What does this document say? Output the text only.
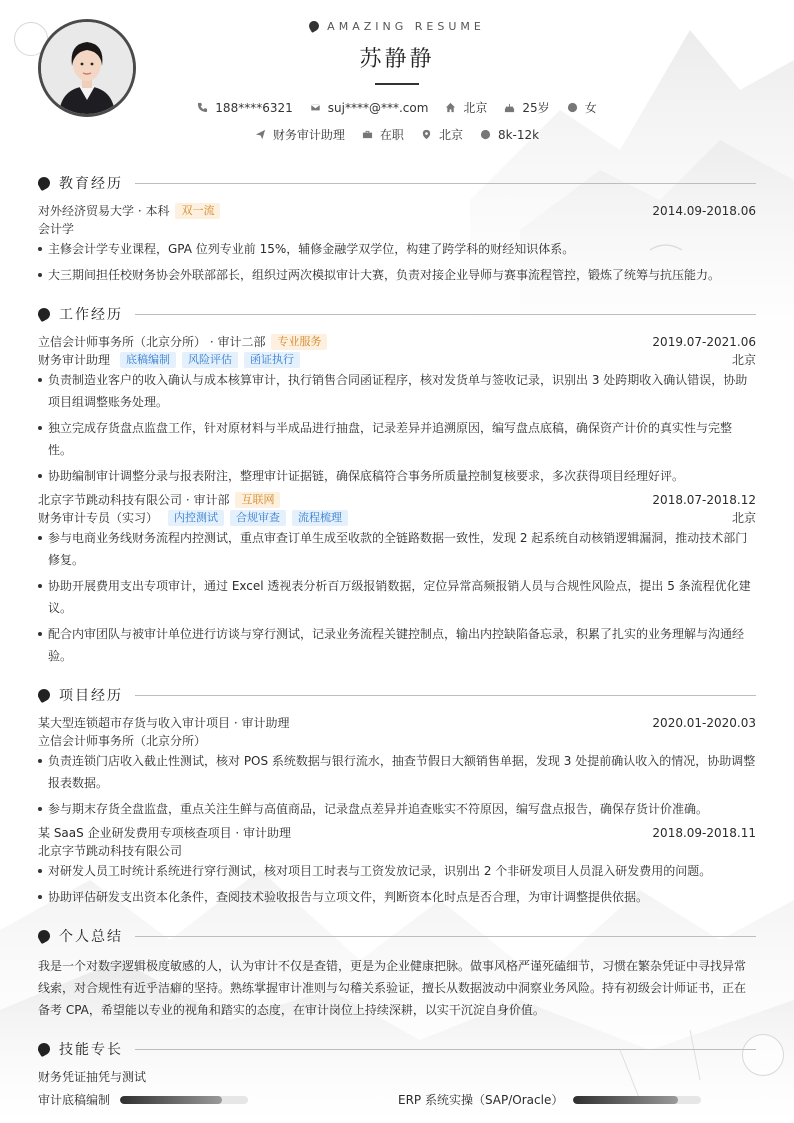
AMAZING RESUME
苏静静
188****6321	suj****@***.com	北京	25岁	女
财务审计助理	在职	北京	8k-12k
教育经历
对外经济贸易大学 · 本科	双一流	2014.09-2018.06
会计学
主修会计学专业课程，GPA 位列专业前 15%，辅修金融学双学位，构建了跨学科的财经知识体系。
大三期间担任校财务协会外联部部长，组织过两次模拟审计大赛，负责对接企业导师与赛事流程管控，锻炼了统筹与抗压能力。
工作经历
立信会计师事务所（北京分所） · 审计二部	专业服务	2019.07-2021.06
财务审计助理	底稿编制	风险评估	函证执行	北京
负责制造业客户的收入确认与成本核算审计，执行销售合同函证程序，核对发货单与签收记录，识别出 3 处跨期收入确认错误，协助
项目组调整账务处理。
独立完成存货盘点监盘工作，针对原材料与半成品进行抽盘，记录差异并追溯原因，编写盘点底稿，确保资产计价的真实性与完整
性。
协助编制审计调整分录与报表附注，整理审计证据链，确保底稿符合事务所质量控制复核要求，多次获得项目经理好评。
北京字节跳动科技有限公司 · 审计部	互联网	2018.07-2018.12
财务审计专员（实习）	内控测试	合规审查	流程梳理	北京
参与电商业务线财务流程内控测试，重点审查订单生成至收款的全链路数据一致性，发现 2 起系统自动核销逻辑漏洞，推动技术部门
修复。
协助开展费用支出专项审计，通过 Excel 透视表分析百万级报销数据，定位异常高频报销人员与合规性风险点，提出 5 条流程优化建
议。
配合内审团队与被审计单位进行访谈与穿行测试，记录业务流程关键控制点，输出内控缺陷备忘录，积累了扎实的业务理解与沟通经
验。
项目经历
某大型连锁超市存货与收入审计项目 · 审计助理	2020.01-2020.03
立信会计师事务所（北京分所）
负责连锁门店收入截止性测试，核对 POS 系统数据与银行流水，抽查节假日大额销售单据，发现 3 处提前确认收入的情况，协助调整
报表数据。
参与期末存货全盘监盘，重点关注生鲜与高值商品，记录盘点差异并追查账实不符原因，编写盘点报告，确保存货计价准确。
某 SaaS 企业研发费用专项核查项目 · 审计助理	2018.09-2018.11
北京字节跳动科技有限公司
对研发人员工时统计系统进行穿行测试，核对项目工时表与工资发放记录，识别出 2 个非研发项目人员混入研发费用的问题。
协助评估研发支出资本化条件，查阅技术验收报告与立项文件，判断资本化时点是否合理，为审计调整提供依据。
个人总结
我是一个对数字逻辑极度敏感的人，认为审计不仅是查错，更是为企业健康把脉。做事风格严谨死磕细节，习惯在繁杂凭证中寻找异常
线索，对合规性有近乎洁癖的坚持。熟练掌握审计准则与勾稽关系验证，擅长从数据波动中洞察业务风险。持有初级会计师证书，正在
备考 CPA，希望能以专业的视角和踏实的态度，在审计岗位上持续深耕，以实干沉淀自身价值。
技能专长
财务凭证抽凭与测试
审计底稿编制	ERP 系统实操（SAP/Oracle）
